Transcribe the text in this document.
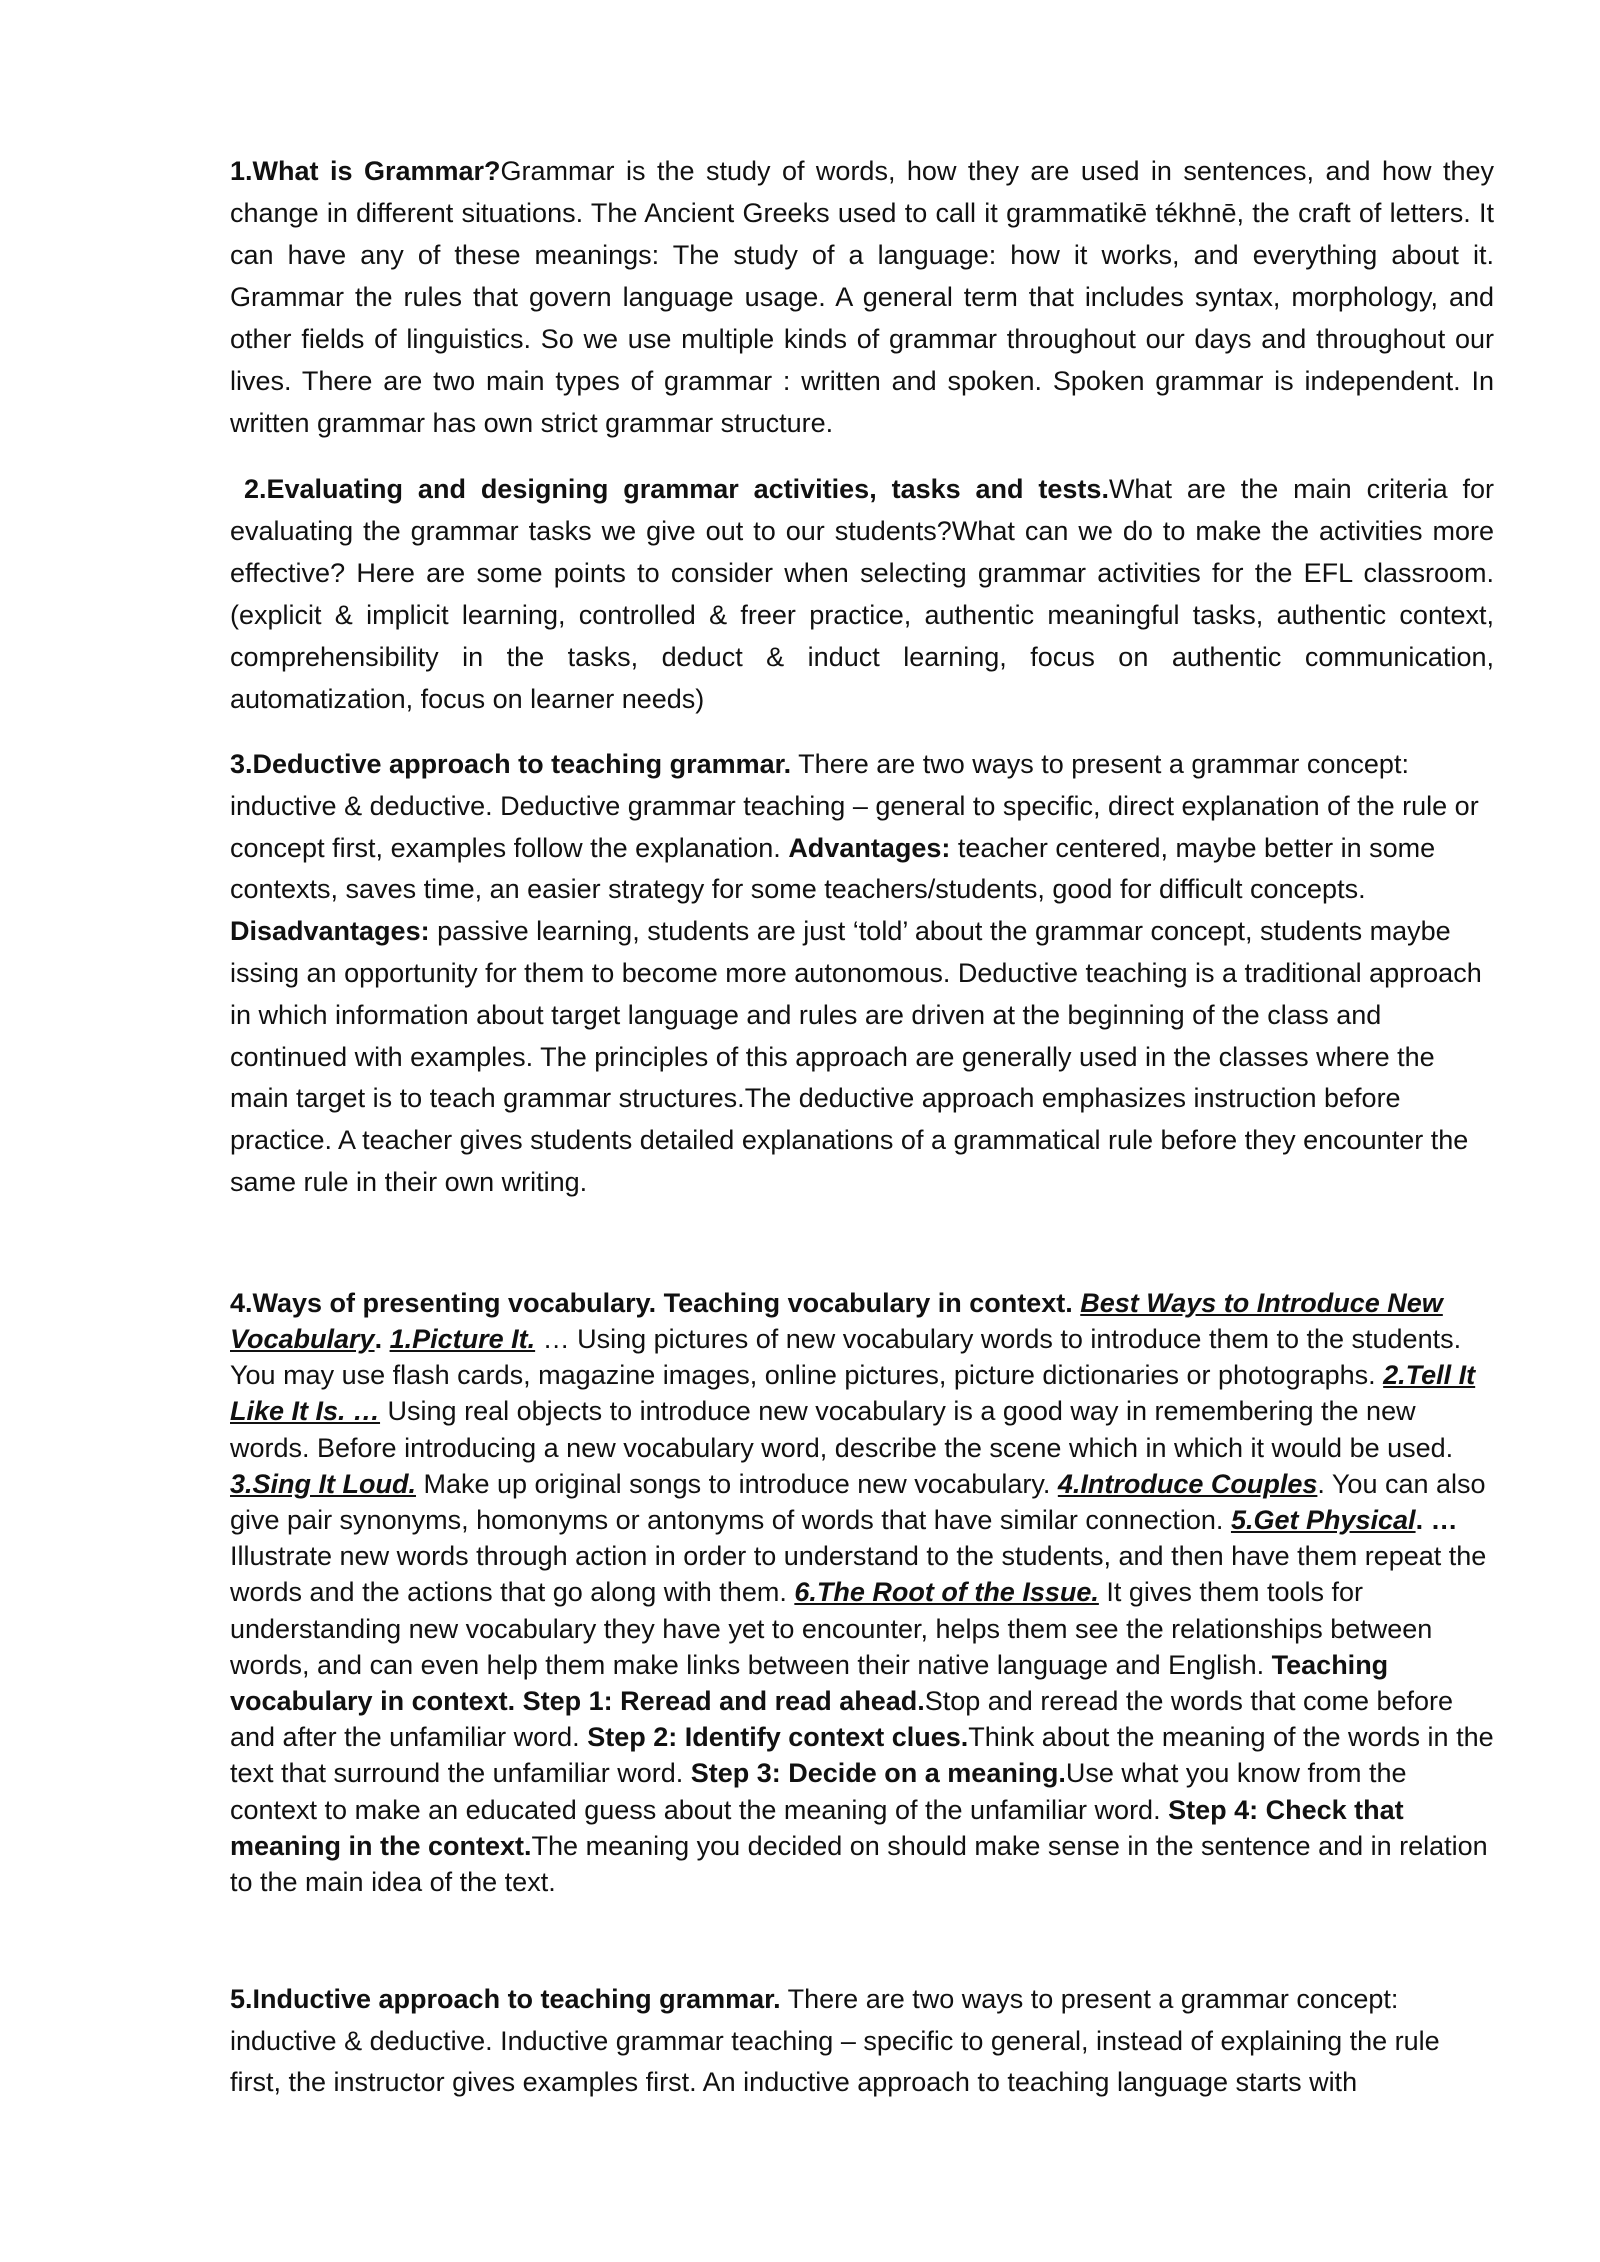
1.What is Grammar?Grammar is the study of words, how they are used in sentences, and how they change in different situations. The Ancient Greeks used to call it grammatikē tékhnē, the craft of letters. It can have any of these meanings: The study of a language: how it works, and everything about it. Grammar the rules that govern language usage. A general term that includes syntax, morphology, and other fields of linguistics. So we use multiple kinds of grammar throughout our days and throughout our lives. There are two main types of grammar : written and spoken. Spoken grammar is independent. In written grammar has own strict grammar structure.

2.Evaluating and designing grammar activities, tasks and tests.What are the main criteria for evaluating the grammar tasks we give out to our students?What can we do to make the activities more effective? Here are some points to consider when selecting grammar activities for the EFL classroom. (explicit & implicit learning, controlled & freer practice, authentic meaningful tasks, authentic context, comprehensibility in the tasks, deduct & induct learning, focus on authentic communication, automatization, focus on learner needs)

3.Deductive approach to teaching grammar. There are two ways to present a grammar concept: inductive & deductive. Deductive grammar teaching – general to specific, direct explanation of the rule or concept first, examples follow the explanation. Advantages: teacher centered, maybe better in some contexts, saves time, an easier strategy for some teachers/students, good for difficult concepts. Disadvantages: passive learning, students are just ‘told’ about the grammar concept, students maybe issing an opportunity for them to become more autonomous. Deductive teaching is a traditional approach in which information about target language and rules are driven at the beginning of the class and continued with examples. The principles of this approach are generally used in the classes where the main target is to teach grammar structures.The deductive approach emphasizes instruction before practice. A teacher gives students detailed explanations of a grammatical rule before they encounter the same rule in their own writing.

4.Ways of presenting vocabulary. Teaching vocabulary in context. Best Ways to Introduce New Vocabulary. 1.Picture It. … Using pictures of new vocabulary words to introduce them to the students. You may use flash cards, magazine images, online pictures, picture dictionaries or photographs. 2.Tell It Like It Is. … Using real objects to introduce new vocabulary is a good way in remembering the new words. Before introducing a new vocabulary word, describe the scene which in which it would be used. 3.Sing It Loud. Make up original songs to introduce new vocabulary. 4.Introduce Couples. You can also give pair synonyms, homonyms or antonyms of words that have similar connection. 5.Get Physical. … Illustrate new words through action in order to understand to the students, and then have them repeat the words and the actions that go along with them. 6.The Root of the Issue. It gives them tools for understanding new vocabulary they have yet to encounter, helps them see the relationships between words, and can even help them make links between their native language and English. Teaching vocabulary in context. Step 1: Reread and read ahead.Stop and reread the words that come before and after the unfamiliar word. Step 2: Identify context clues.Think about the meaning of the words in the text that surround the unfamiliar word. Step 3: Decide on a meaning.Use what you know from the context to make an educated guess about the meaning of the unfamiliar word. Step 4: Check that meaning in the context.The meaning you decided on should make sense in the sentence and in relation to the main idea of the text.

5.Inductive approach to teaching grammar. There are two ways to present a grammar concept: inductive & deductive. Inductive grammar teaching – specific to general, instead of explaining the rule first, the instructor gives examples first. An inductive approach to teaching language starts with
